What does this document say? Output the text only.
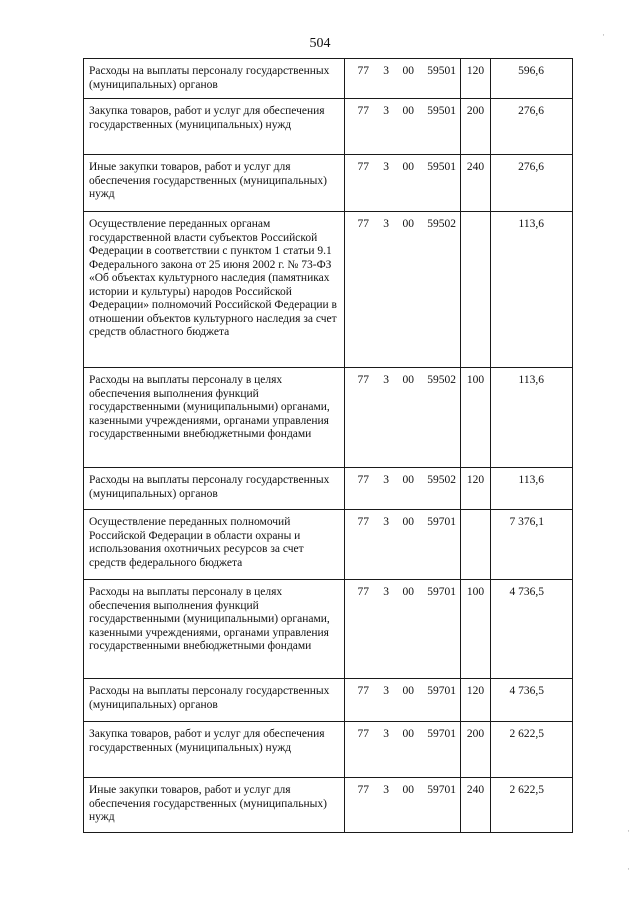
504
Расходы на выплаты персоналу государственных (муниципальных) органов	77 3 00 59501	120	596,6
Закупка товаров, работ и услуг для обеспечения государственных (муниципальных) нужд	77 3 00 59501	200	276,6
Иные закупки товаров, работ и услуг для обеспечения государственных (муниципальных) нужд	77 3 00 59501	240	276,6
Осуществление переданных органам государственной власти субъектов Российской Федерации в соответствии с пунктом 1 статьи 9.1 Федерального закона от 25 июня 2002 г. № 73-ФЗ «Об объектах культурного наследия (памятниках истории и культуры) народов Российской Федерации» полномочий Российской Федерации в отношении объектов культурного наследия за счет средств областного бюджета	77 3 00 59502		113,6
Расходы на выплаты персоналу в целях обеспечения выполнения функций государственными (муниципальными) органами, казенными учреждениями, органами управления государственными внебюджетными фондами	77 3 00 59502	100	113,6
Расходы на выплаты персоналу государственных (муниципальных) органов	77 3 00 59502	120	113,6
Осуществление переданных полномочий Российской Федерации в области охраны и использования охотничьих ресурсов за счет средств федерального бюджета	77 3 00 59701		7 376,1
Расходы на выплаты персоналу в целях обеспечения выполнения функций государственными (муниципальными) органами, казенными учреждениями, органами управления государственными внебюджетными фондами	77 3 00 59701	100	4 736,5
Расходы на выплаты персоналу государственных (муниципальных) органов	77 3 00 59701	120	4 736,5
Закупка товаров, работ и услуг для обеспечения государственных (муниципальных) нужд	77 3 00 59701	200	2 622,5
Иные закупки товаров, работ и услуг для обеспечения государственных (муниципальных) нужд	77 3 00 59701	240	2 622,5
·
·
·
